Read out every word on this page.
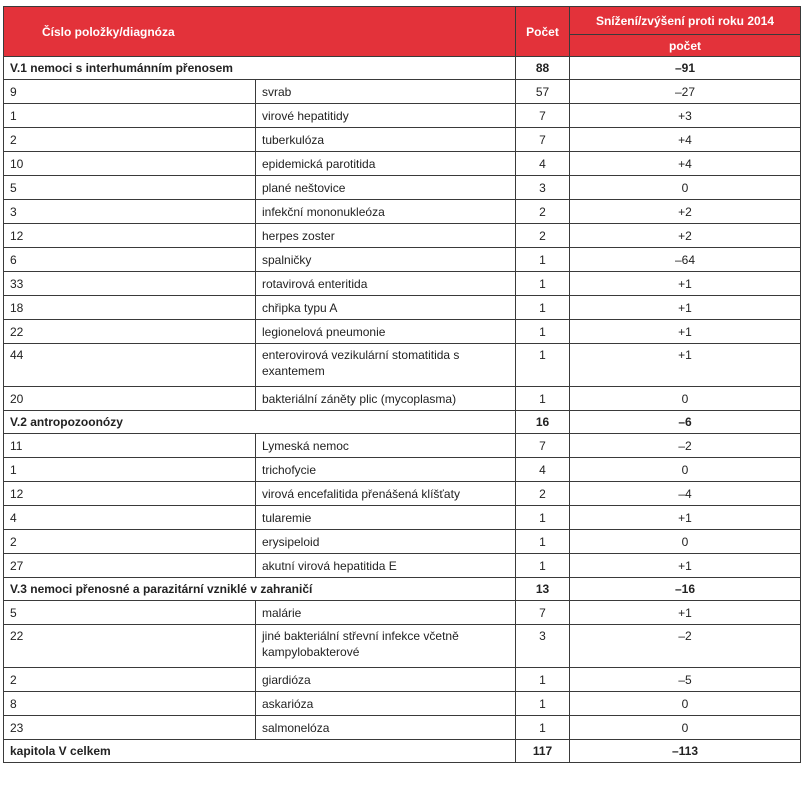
Číslo položky/diagnóza		Počet	Snížení/zvýšení proti roku 2014
			počet
V.1 nemoci s interhumánním přenosem		88	–91
9	svrab	57	–27
1	virové hepatitidy	7	+3
2	tuberkulóza	7	+4
10	epidemická parotitida	4	+4
5	plané neštovice	3	0
3	infekční mononukleóza	2	+2
12	herpes zoster	2	+2
6	spalničky	1	–64
33	rotavirová enteritida	1	+1
18	chřipka typu A	1	+1
22	legionelová pneumonie	1	+1
44	enterovirová vezikulární stomatitida s exantemem	1	+1
20	bakteriální záněty plic (mycoplasma)	1	0
V.2 antropozoonózy		16	–6
11	Lymeská nemoc	7	–2
1	trichofycie	4	0
12	virová encefalitida přenášená klíšťaty	2	–4
4	tularemie	1	+1
2	erysipeloid	1	0
27	akutní virová hepatitida E	1	+1
V.3 nemoci přenosné a parazitární vzniklé v zahraničí		13	–16
5	malárie	7	+1
22	jiné bakteriální střevní infekce včetně kampylobakterové	3	–2
2	giardióza	1	–5
8	askarióza	1	0
23	salmonelóza	1	0
kapitola V celkem		117	–113
